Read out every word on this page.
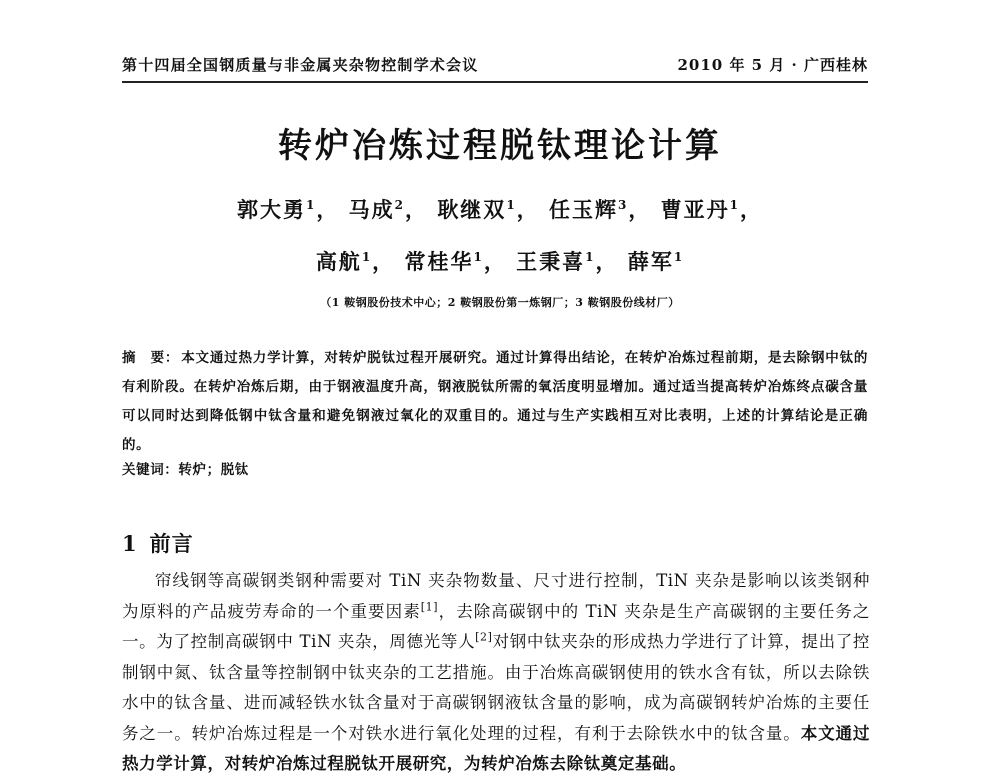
第十四届全国钢质量与非金属夹杂物控制学术会议	2010 年 5 月 · 广西桂林
转炉冶炼过程脱钛理论计算
郭大勇$^1$， 马成$^2$， 耿继双$^1$， 任玉辉$^3$， 曹亚丹$^1$，
高航$^1$， 常桂华$^1$， 王秉喜$^1$， 薛军$^1$
（1 鞍钢股份技术中心；2 鞍钢股份第一炼钢厂；3 鞍钢股份线材厂）
摘　要： 本文通过热力学计算，对转炉脱钛过程开展研究。通过计算得出结论，在转炉冶炼过程前期，是去除钢中钛的有利阶段。在转炉冶炼后期，由于钢液温度升高，钢液脱钛所需的氧活度明显增加。通过适当提高转炉冶炼终点碳含量可以同时达到降低钢中钛含量和避免钢液过氧化的双重目的。通过与生产实践相互对比表明，上述的计算结论是正确的。
关键词：转炉；脱钛
1 前言
帘线钢等高碳钢类钢种需要对 TiN 夹杂物数量、尺寸进行控制，TiN 夹杂是影响以该类钢种为原料的产品疲劳寿命的一个重要因素[1]，去除高碳钢中的 TiN 夹杂是生产高碳钢的主要任务之一。为了控制高碳钢中 TiN 夹杂，周德光等人[2]对钢中钛夹杂的形成热力学进行了计算，提出了控制钢中氮、钛含量等控制钢中钛夹杂的工艺措施。由于冶炼高碳钢使用的铁水含有钛，所以去除铁水中的钛含量、进而减轻铁水钛含量对于高碳钢钢液钛含量的影响，成为高碳钢转炉冶炼的主要任务之一。转炉冶炼过程是一个对铁水进行氧化处理的过程，有利于去除铁水中的钛含量。本文通过热力学计算，对转炉冶炼过程脱钛开展研究，为转炉冶炼去除钛奠定基础。
